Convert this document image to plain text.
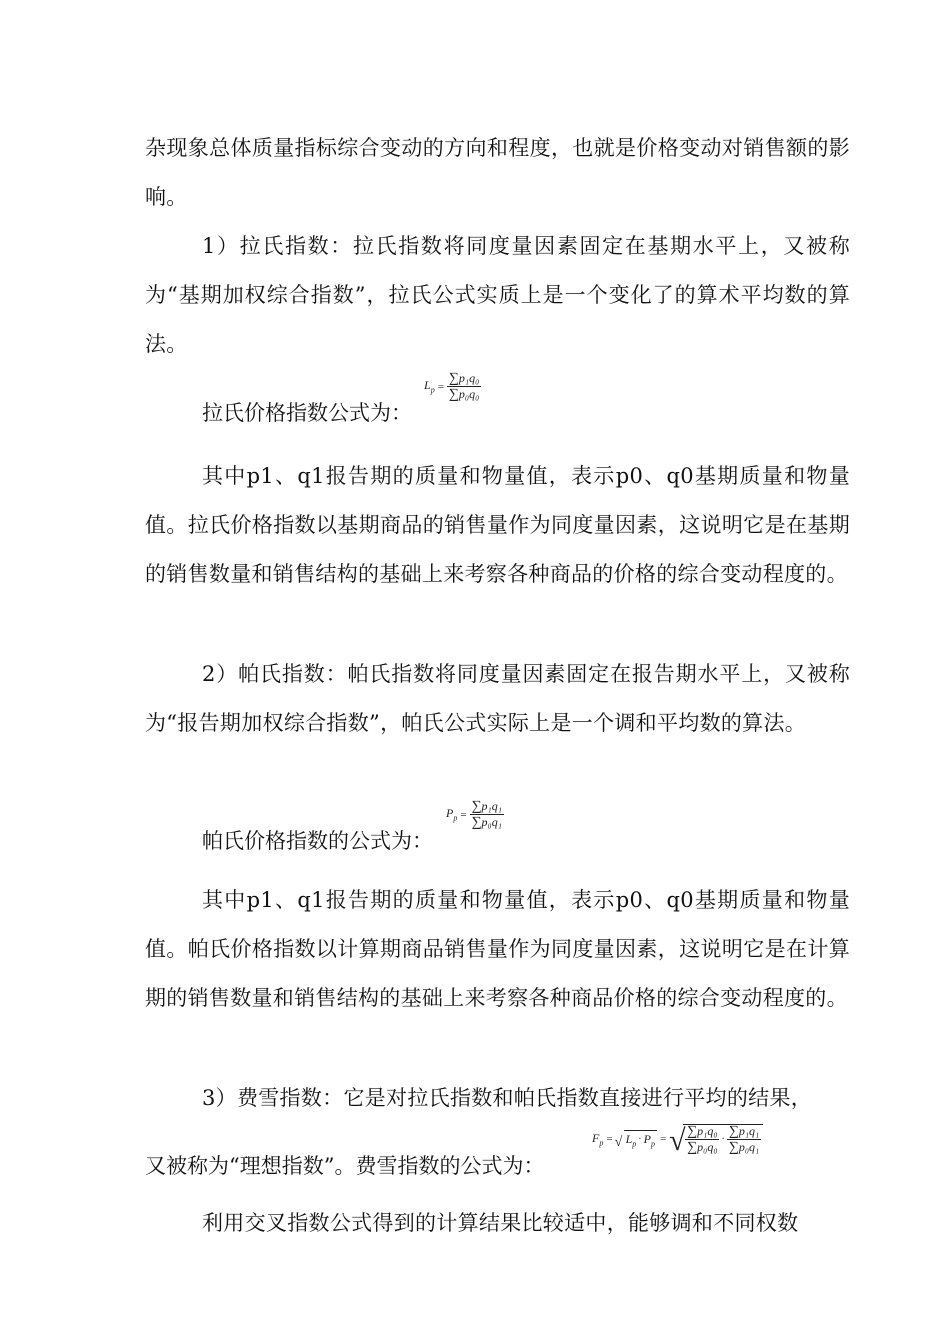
杂现象总体质量指标综合变动的方向和程度，也就是价格变动对销售额的影响。

1）拉氏指数：拉氏指数将同度量因素固定在基期水平上，又被称为“基期加权综合指数”，拉氏公式实质上是一个变化了的算术平均数的算法。

拉氏价格指数公式为：
$L_p = \frac{\text{∑p₁q₀}}{\text{∑p₀q₀}}$

其中p1、q1报告期的质量和物量值，表示p0、q0基期质量和物量值。拉氏价格指数以基期商品的销售量作为同度量因素，这说明它是在基期的销售数量和销售结构的基础上来考察各种商品的价格的综合变动程度的。

2）帕氏指数：帕氏指数将同度量因素固定在报告期水平上，又被称为“报告期加权综合指数”，帕氏公式实际上是一个调和平均数的算法。

帕氏价格指数的公式为：
$P_p = \frac{\text{∑p₁q₁}}{\text{∑p₀q₁}}$

其中p1、q1报告期的质量和物量值，表示p0、q0基期质量和物量值。帕氏价格指数以计算期商品销售量作为同度量因素，这说明它是在计算期的销售数量和销售结构的基础上来考察各种商品价格的综合变动程度的。

3）费雪指数：它是对拉氏指数和帕氏指数直接进行平均的结果，

又被称为“理想指数”。费雪指数的公式为：
$F_p$ = √ $L_p \cdot P_p$ = √ $\frac{\text{∑p₁q₀}}{\text{∑p₀q₀}} \cdot \frac{\text{∑p₁q₁}}{\text{∑p₀q₁}}$

利用交叉指数公式得到的计算结果比较适中，能够调和不同权数
